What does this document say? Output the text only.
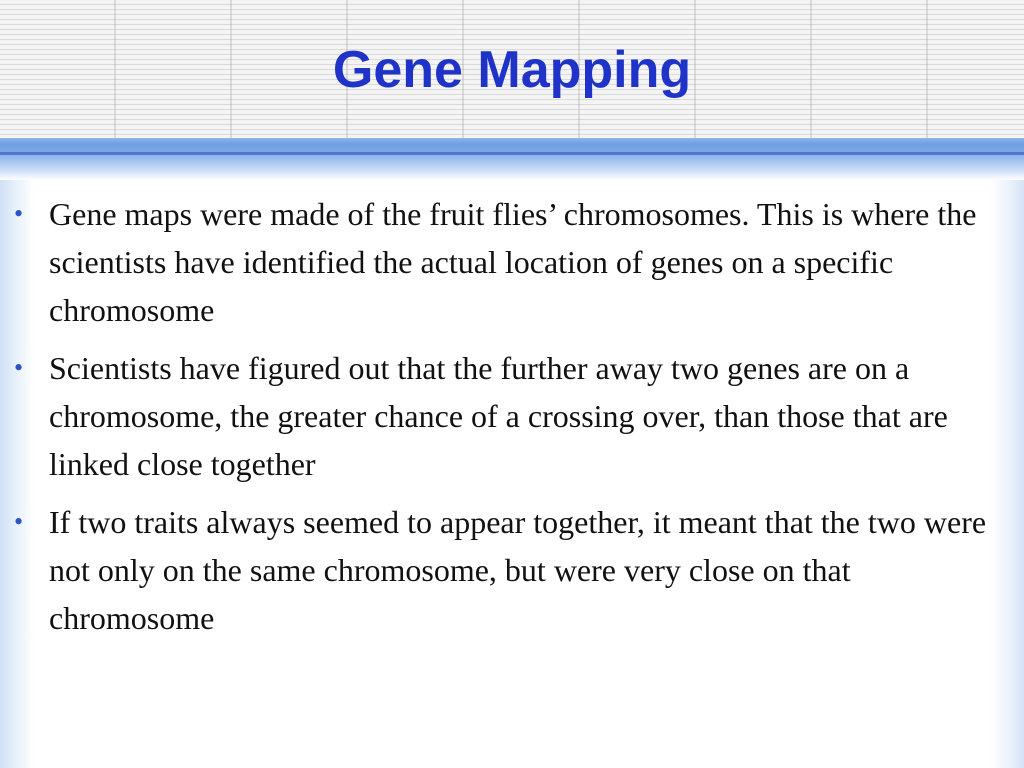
Gene Mapping
• Gene maps were made of the fruit flies’ chromosomes. This is where the scientists have identified the actual location of genes on a specific chromosome
• Scientists have figured out that the further away two genes are on a chromosome, the greater chance of a crossing over, than those that are linked close together
• If two traits always seemed to appear together, it meant that the two were not only on the same chromosome, but were very close on that chromosome
